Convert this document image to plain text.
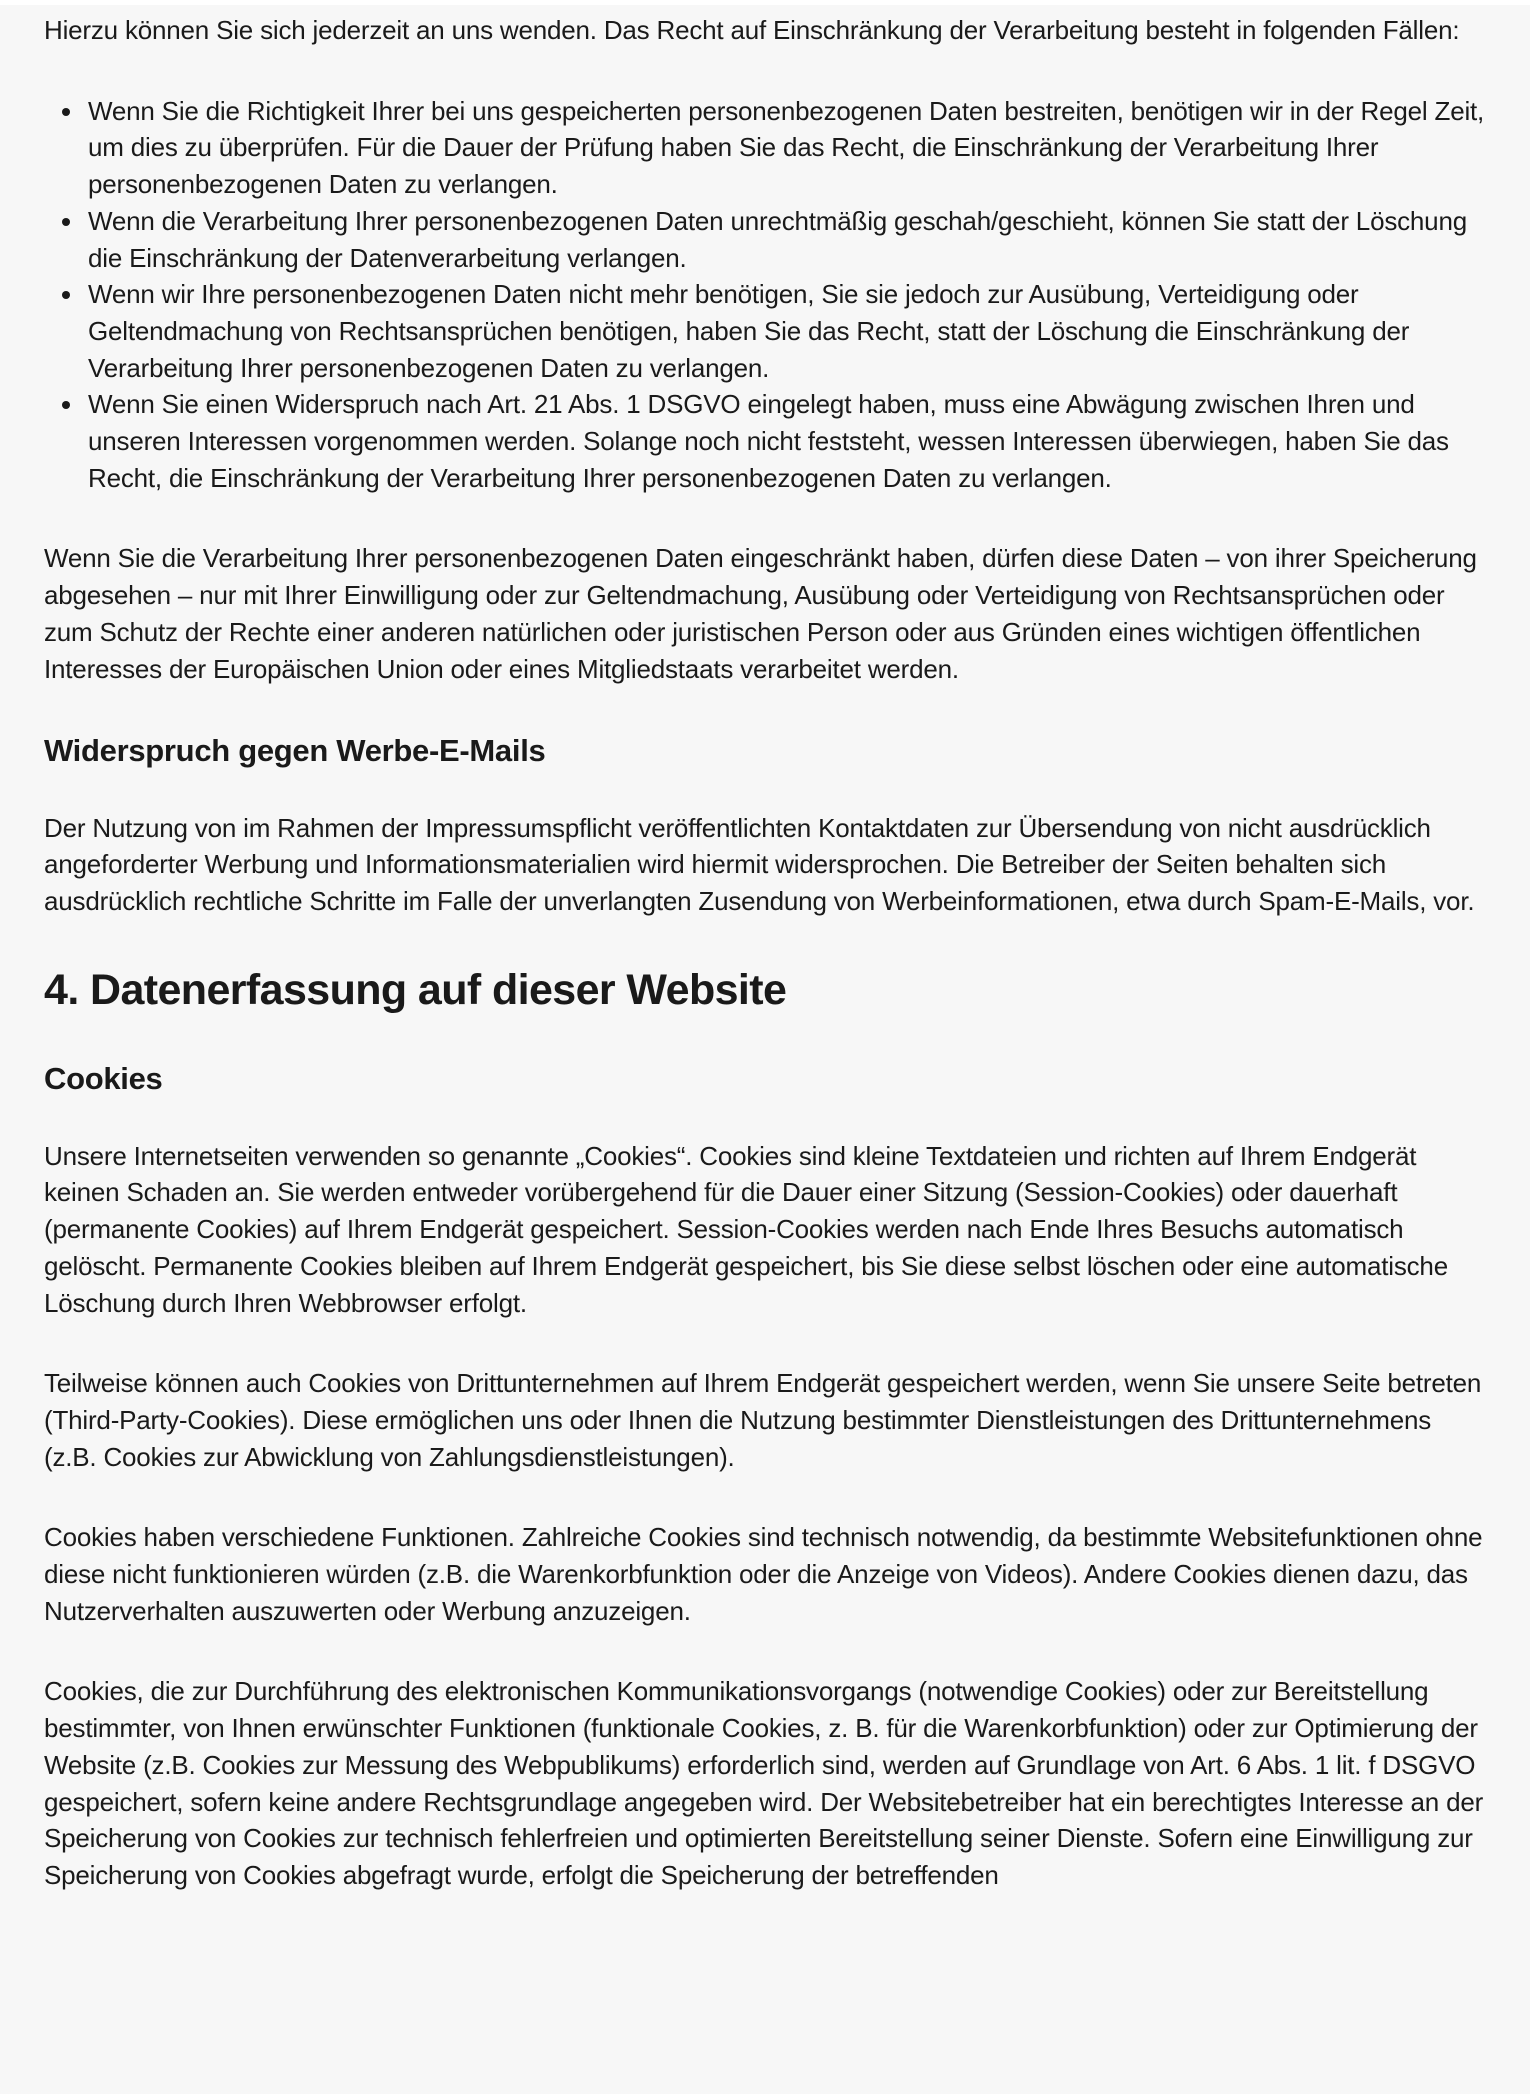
Hierzu können Sie sich jederzeit an uns wenden. Das Recht auf Einschränkung der Verarbeitung besteht in folgenden Fällen:

• Wenn Sie die Richtigkeit Ihrer bei uns gespeicherten personenbezogenen Daten bestreiten, benötigen wir in der Regel Zeit, um dies zu überprüfen. Für die Dauer der Prüfung haben Sie das Recht, die Einschränkung der Verarbeitung Ihrer personenbezogenen Daten zu verlangen.
• Wenn die Verarbeitung Ihrer personenbezogenen Daten unrechtmäßig geschah/geschieht, können Sie statt der Löschung die Einschränkung der Datenverarbeitung verlangen.
• Wenn wir Ihre personenbezogenen Daten nicht mehr benötigen, Sie sie jedoch zur Ausübung, Verteidigung oder Geltendmachung von Rechtsansprüchen benötigen, haben Sie das Recht, statt der Löschung die Einschränkung der Verarbeitung Ihrer personenbezogenen Daten zu verlangen.
• Wenn Sie einen Widerspruch nach Art. 21 Abs. 1 DSGVO eingelegt haben, muss eine Abwägung zwischen Ihren und unseren Interessen vorgenommen werden. Solange noch nicht feststeht, wessen Interessen überwiegen, haben Sie das Recht, die Einschränkung der Verarbeitung Ihrer personenbezogenen Daten zu verlangen.

Wenn Sie die Verarbeitung Ihrer personenbezogenen Daten eingeschränkt haben, dürfen diese Daten – von ihrer Speicherung abgesehen – nur mit Ihrer Einwilligung oder zur Geltendmachung, Ausübung oder Verteidigung von Rechtsansprüchen oder zum Schutz der Rechte einer anderen natürlichen oder juristischen Person oder aus Gründen eines wichtigen öffentlichen Interesses der Europäischen Union oder eines Mitgliedstaats verarbeitet werden.

Widerspruch gegen Werbe-E-Mails

Der Nutzung von im Rahmen der Impressumspflicht veröffentlichten Kontaktdaten zur Übersendung von nicht ausdrücklich angeforderter Werbung und Informationsmaterialien wird hiermit widersprochen. Die Betreiber der Seiten behalten sich ausdrücklich rechtliche Schritte im Falle der unverlangten Zusendung von Werbeinformationen, etwa durch Spam-E-Mails, vor.

4. Datenerfassung auf dieser Website
Cookies

Unsere Internetseiten verwenden so genannte „Cookies“. Cookies sind kleine Textdateien und richten auf Ihrem Endgerät keinen Schaden an. Sie werden entweder vorübergehend für die Dauer einer Sitzung (Session-Cookies) oder dauerhaft (permanente Cookies) auf Ihrem Endgerät gespeichert. Session-Cookies werden nach Ende Ihres Besuchs automatisch gelöscht. Permanente Cookies bleiben auf Ihrem Endgerät gespeichert, bis Sie diese selbst löschen oder eine automatische Löschung durch Ihren Webbrowser erfolgt.

Teilweise können auch Cookies von Drittunternehmen auf Ihrem Endgerät gespeichert werden, wenn Sie unsere Seite betreten (Third-Party-Cookies). Diese ermöglichen uns oder Ihnen die Nutzung bestimmter Dienstleistungen des Drittunternehmens (z.B. Cookies zur Abwicklung von Zahlungsdienstleistungen).

Cookies haben verschiedene Funktionen. Zahlreiche Cookies sind technisch notwendig, da bestimmte Websitefunktionen ohne diese nicht funktionieren würden (z.B. die Warenkorbfunktion oder die Anzeige von Videos). Andere Cookies dienen dazu, das Nutzerverhalten auszuwerten oder Werbung anzuzeigen.

Cookies, die zur Durchführung des elektronischen Kommunikationsvorgangs (notwendige Cookies) oder zur Bereitstellung bestimmter, von Ihnen erwünschter Funktionen (funktionale Cookies, z. B. für die Warenkorbfunktion) oder zur Optimierung der Website (z.B. Cookies zur Messung des Webpublikums) erforderlich sind, werden auf Grundlage von Art. 6 Abs. 1 lit. f DSGVO gespeichert, sofern keine andere Rechtsgrundlage angegeben wird. Der Websitebetreiber hat ein berechtigtes Interesse an der Speicherung von Cookies zur technisch fehlerfreien und optimierten Bereitstellung seiner Dienste. Sofern eine Einwilligung zur Speicherung von Cookies abgefragt wurde, erfolgt die Speicherung der betreffenden
